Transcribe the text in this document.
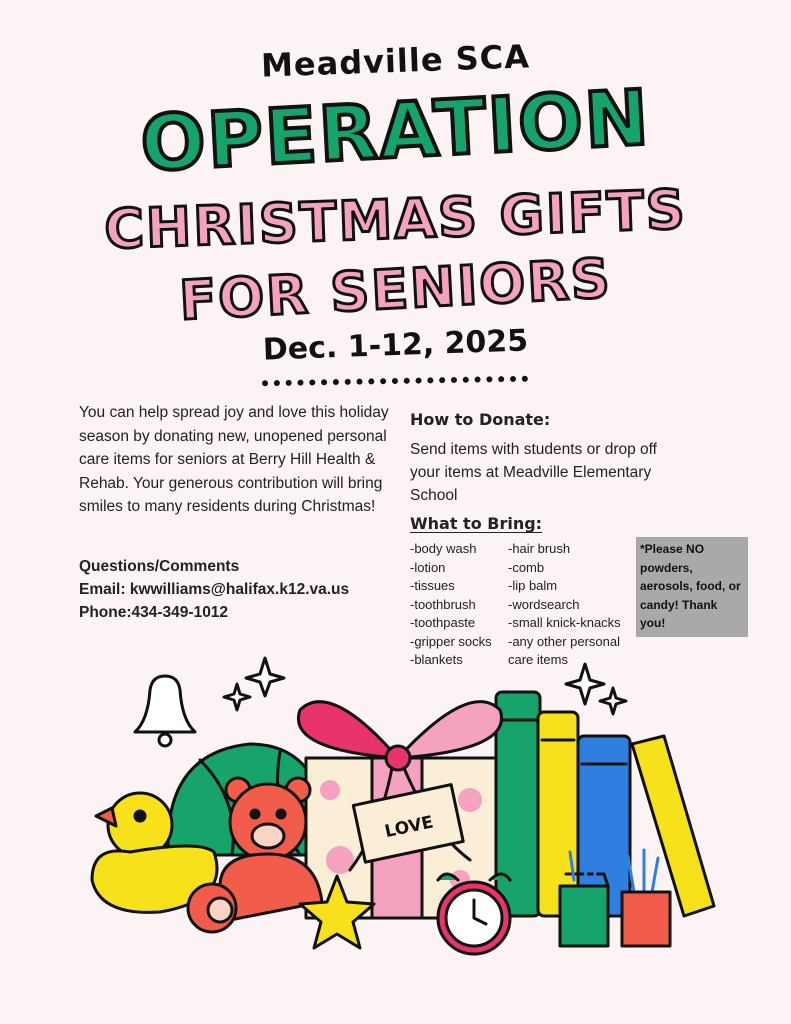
Meadville SCA
OPERATION
CHRISTMAS GIFTS
FOR SENIORS
Dec. 1-12, 2025
You can help spread joy and love this holiday season by donating new, unopened personal care items for seniors at Berry Hill Health & Rehab. Your generous contribution will bring smiles to many residents during Christmas!
Questions/Comments
Email: kwwilliams@halifax.k12.va.us
Phone:434-349-1012
How to Donate:
Send items with students or drop off your items at Meadville Elementary School
What to Bring:
-body wash
-lotion
-tissues
-toothbrush
-toothpaste
-gripper socks
-blankets
-hair brush
-comb
-lip balm
-wordsearch
-small knick-knacks
-any other personal
care items
*Please NO powders, aerosols, food, or candy! Thank you!
LOVE
